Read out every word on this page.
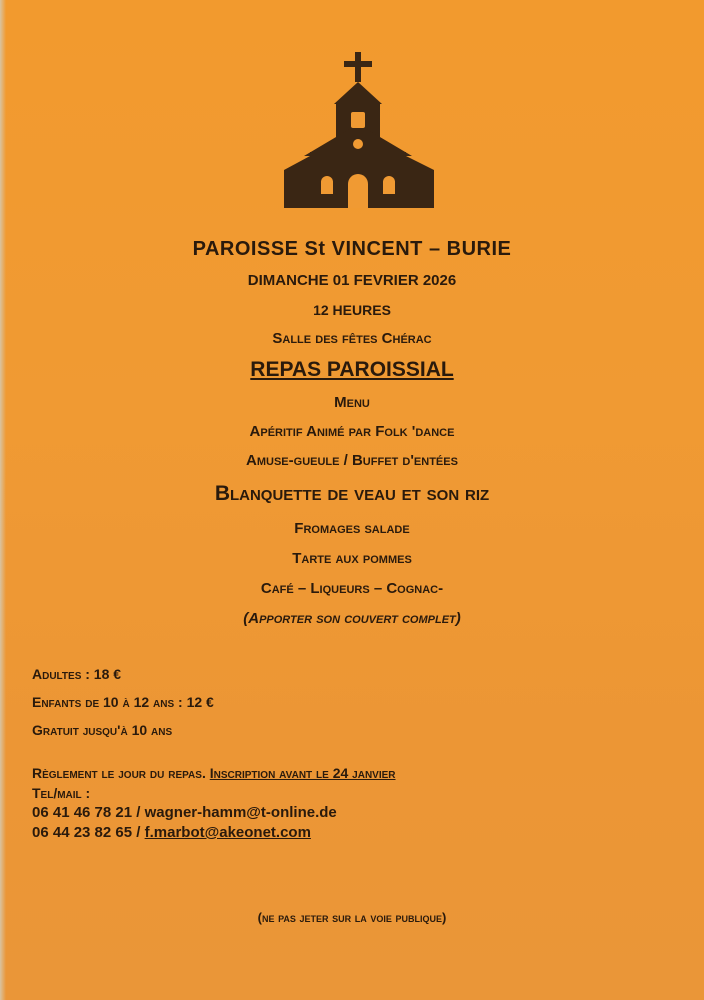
PAROISSE St VINCENT – BURIE
DIMANCHE 01 FEVRIER 2026
12 HEURES
Salle des fêtes Chérac
REPAS PAROISSIAL
Menu
Apéritif Animé par Folk 'dance
Amuse-gueule / Buffet d'entées
Blanquette de veau et son riz
Fromages salade
Tarte aux pommes
Café – Liqueurs – Cognac-
(Apporter son couvert complet)
Adultes : 18 €
Enfants de 10 à 12 ans : 12 €
Gratuit jusqu'à 10 ans
Règlement le jour du repas. Inscription avant le 24 janvier
Tel/mail :
06 41 46 78 21 / wagner-hamm@t-online.de
06 44 23 82 65 / f.marbot@akeonet.com
(ne pas jeter sur la voie publique)
